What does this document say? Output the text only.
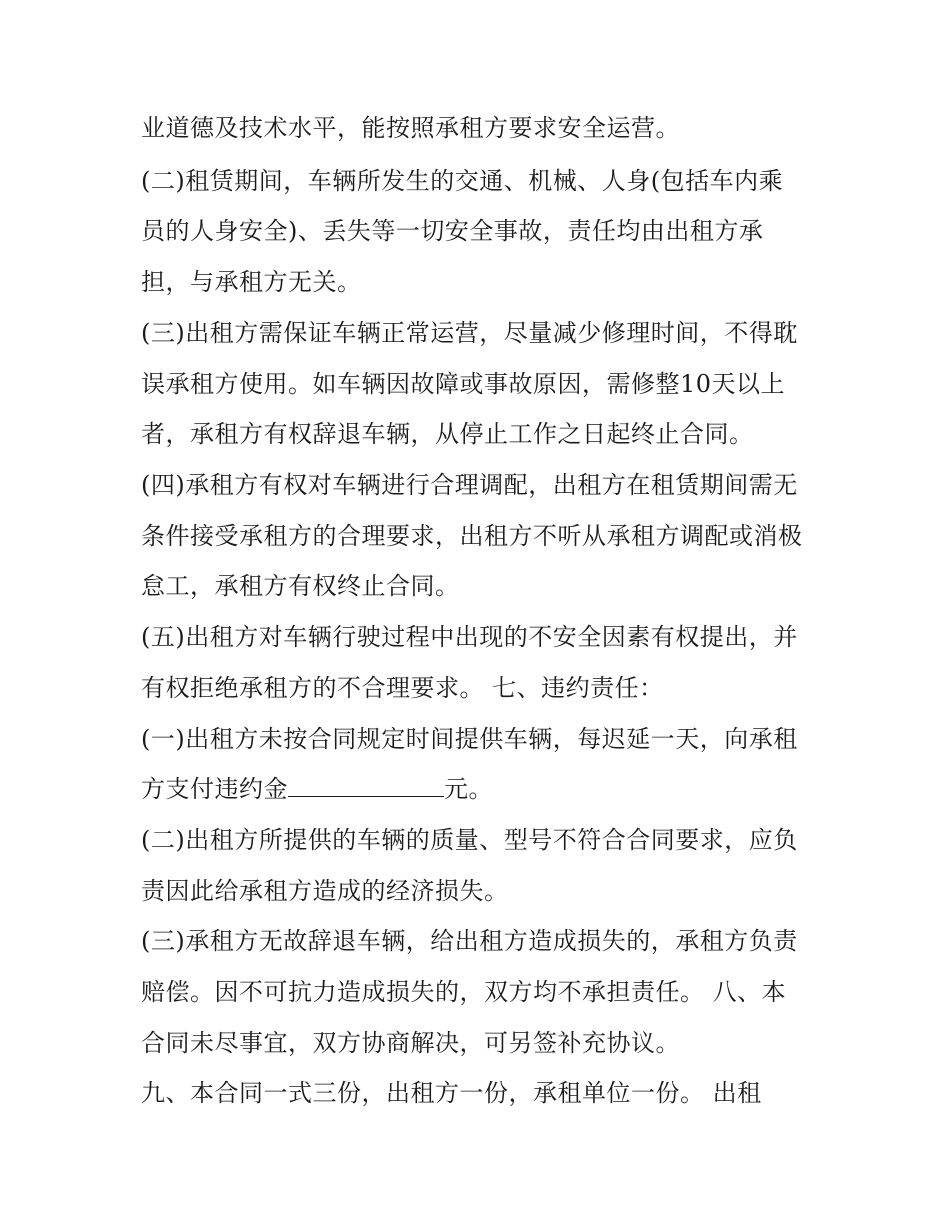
业道德及技术水平，能按照承租方要求安全运营。
(二)租赁期间，车辆所发生的交通、机械、人身(包括车内乘
员的人身安全)、丢失等一切安全事故，责任均由出租方承
担，与承租方无关。
(三)出租方需保证车辆正常运营，尽量减少修理时间，不得耽
误承租方使用。如车辆因故障或事故原因，需修整10天以上
者，承租方有权辞退车辆，从停止工作之日起终止合同。
(四)承租方有权对车辆进行合理调配，出租方在租赁期间需无
条件接受承租方的合理要求，出租方不听从承租方调配或消极
怠工，承租方有权终止合同。
(五)出租方对车辆行驶过程中出现的不安全因素有权提出，并
有权拒绝承租方的不合理要求。 七、违约责任：
(一)出租方未按合同规定时间提供车辆，每迟延一天，向承租
方支付违约金	元。
(二)出租方所提供的车辆的质量、型号不符合合同要求，应负
责因此给承租方造成的经济损失。
(三)承租方无故辞退车辆，给出租方造成损失的，承租方负责
赔偿。因不可抗力造成损失的，双方均不承担责任。 八、本
合同未尽事宜，双方协商解决，可另签补充协议。
九、本合同一式三份，出租方一份，承租单位一份。 出租
